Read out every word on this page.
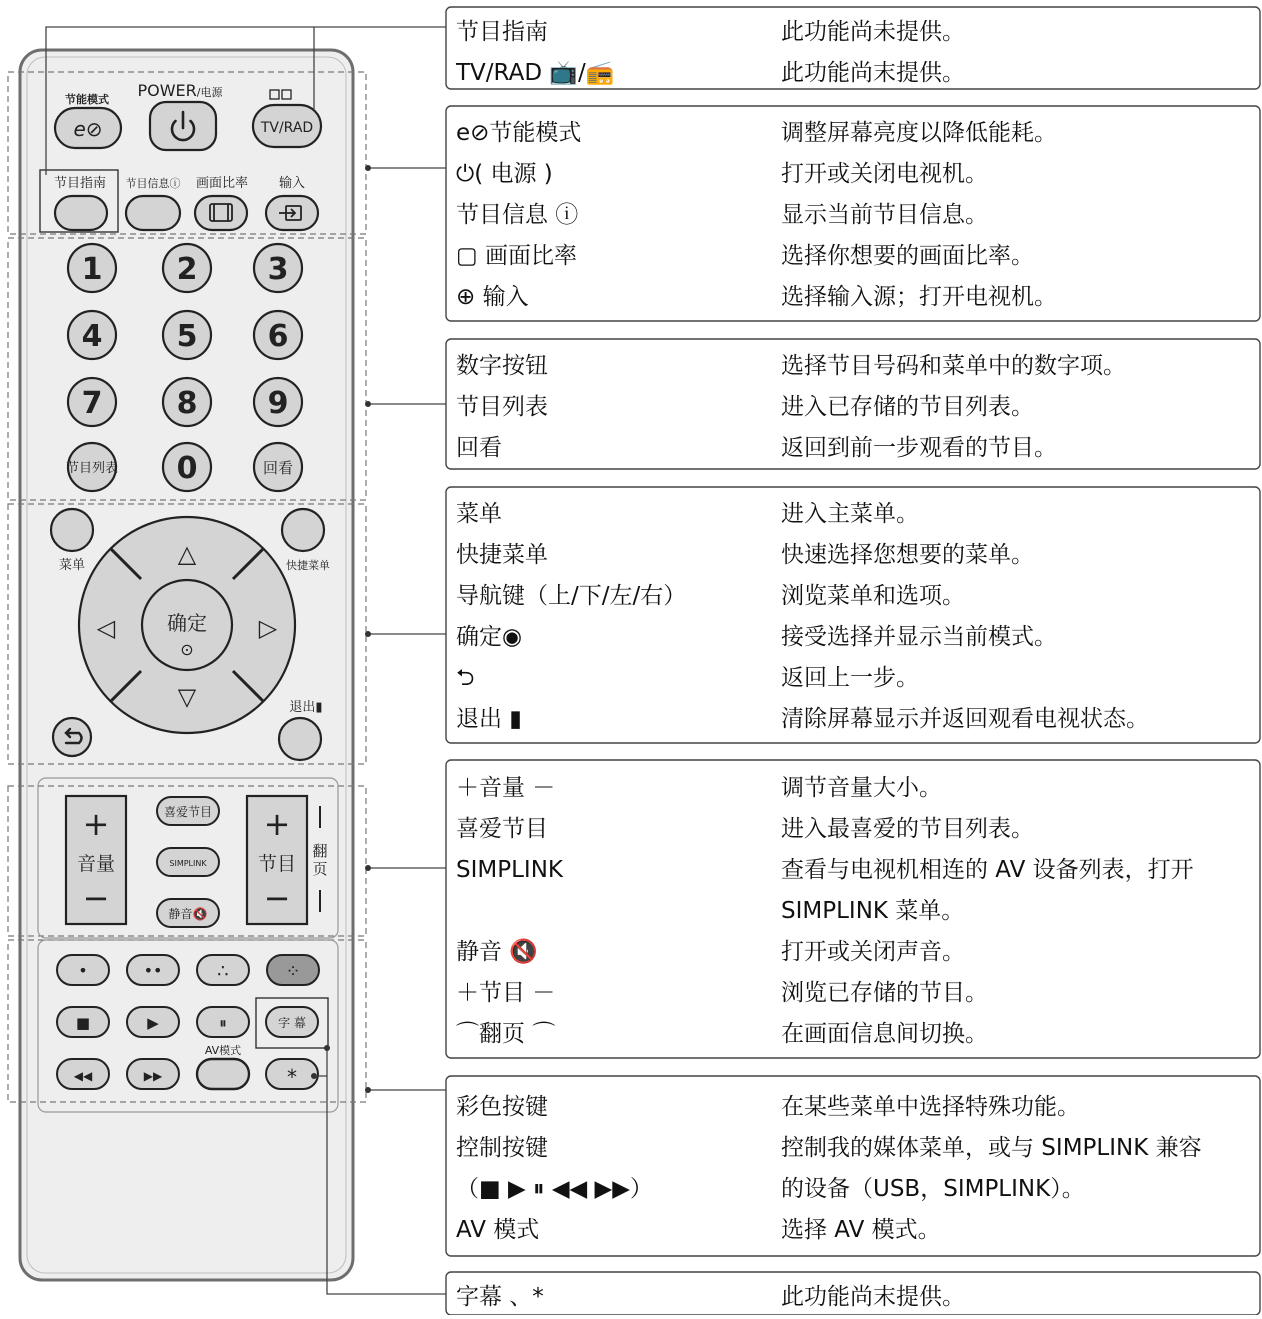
节能模式 POWER/电源
e⊘	TV/RAD
节目指南 节目信息ⓘ 画面比率 输入
1 2 3
4 5 6
7 8 9
节目列表 0	回看
菜单	快捷菜单
△
▽
◁	▷
确定
⊙
退出▮
+
音量
−
+
节目
−
翻
页
喜爱节目
SIMPLINK
静音🔇
•	••	∴	⁘
■	▶	⏸	字 幕
AV模式
◀◀	▶▶	*
节目指南	此功能尚未提供。
TV/RAD 📺/📻	此功能尚末提供。
e⊘节能模式	调整屏幕亮度以降低能耗。
⏻( 电源 )	打开或关闭电视机。
节目信息 ⓘ	显示当前节目信息。
▢ 画面比率	选择你想要的画面比率。
⊕ 输入	选择输入源；打开电视机。
数字按钮	选择节目号码和菜单中的数字项。
节目列表	进入已存储的节目列表。
回看	返回到前一步观看的节目。
菜单	进入主菜单。
快捷菜单	快速选择您想要的菜单。
导航键（上/下/左/右）	浏览菜单和选项。
确定◉	接受选择并显示当前模式。
⮌	返回上一步。
退出 ▮	清除屏幕显示并返回观看电视状态。
＋音量 －	调节音量大小。
喜爱节目	进入最喜爱的节目列表。
SIMPLINK	查看与电视机相连的 AV 设备列表，打开
SIMPLINK 菜单。
静音 🔇	打开或关闭声音。
＋节目 －	浏览已存储的节目。
⌒翻页 ⌒	在画面信息间切换。
彩色按键	在某些菜单中选择特殊功能。
控制按键	控制我的媒体菜单，或与 SIMPLINK 兼容
（■ ▶ ⏸ ◀◀ ▶▶）	的设备（USB，SIMPLINK）。
AV 模式	选择 AV 模式。
字幕 、*	此功能尚末提供。
